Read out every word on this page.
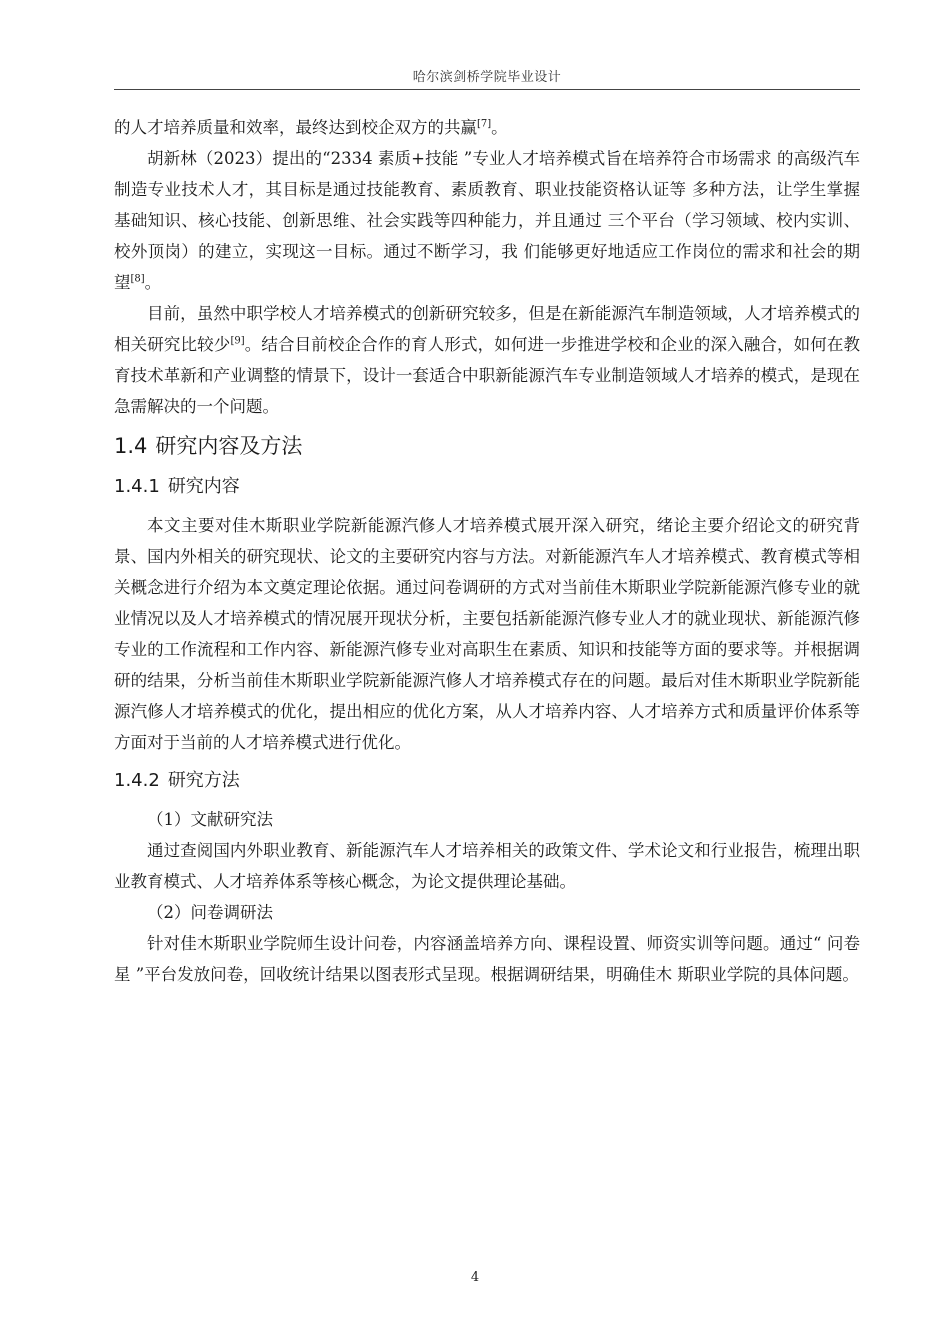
哈尔滨剑桥学院毕业设计

的人才培养质量和效率，最终达到校企双方的共赢[7]。

胡新林（2023）提出的“2334 素质+技能 ”专业人才培养模式旨在培养符合市场需求 的高级汽车制造专业技术人才，其目标是通过技能教育、素质教育、职业技能资格认证等 多种方法，让学生掌握基础知识、核心技能、创新思维、社会实践等四种能力，并且通过 三个平台（学习领域、校内实训、校外顶岗）的建立，实现这一目标。通过不断学习，我 们能够更好地适应工作岗位的需求和社会的期望[8]。

目前，虽然中职学校人才培养模式的创新研究较多，但是在新能源汽车制造领域，人才培养模式的相关研究比较少[9]。结合目前校企合作的育人形式，如何进一步推进学校和企业的深入融合，如何在教育技术革新和产业调整的情景下，设计一套适合中职新能源汽车专业制造领域人才培养的模式，是现在急需解决的一个问题。

1.4 研究内容及方法
1.4.1 研究内容

本文主要对佳木斯职业学院新能源汽修人才培养模式展开深入研究，绪论主要介绍论文的研究背景、国内外相关的研究现状、论文的主要研究内容与方法。对新能源汽车人才培养模式、教育模式等相关概念进行介绍为本文奠定理论依据。通过问卷调研的方式对当前佳木斯职业学院新能源汽修专业的就业情况以及人才培养模式的情况展开现状分析，主要包括新能源汽修专业人才的就业现状、新能源汽修专业的工作流程和工作内容、新能源汽修专业对高职生在素质、知识和技能等方面的要求等。并根据调研的结果，分析当前佳木斯职业学院新能源汽修人才培养模式存在的问题。最后对佳木斯职业学院新能源汽修人才培养模式的优化，提出相应的优化方案，从人才培养内容、人才培养方式和质量评价体系等方面对于当前的人才培养模式进行优化。

1.4.2 研究方法

（1）文献研究法

通过查阅国内外职业教育、新能源汽车人才培养相关的政策文件、学术论文和行业报告，梳理出职业教育模式、人才培养体系等核心概念，为论文提供理论基础。

（2）问卷调研法

针对佳木斯职业学院师生设计问卷，内容涵盖培养方向、课程设置、师资实训等问题。通过“ 问卷星 ”平台发放问卷，回收统计结果以图表形式呈现。根据调研结果，明确佳木 斯职业学院的具体问题。

4
